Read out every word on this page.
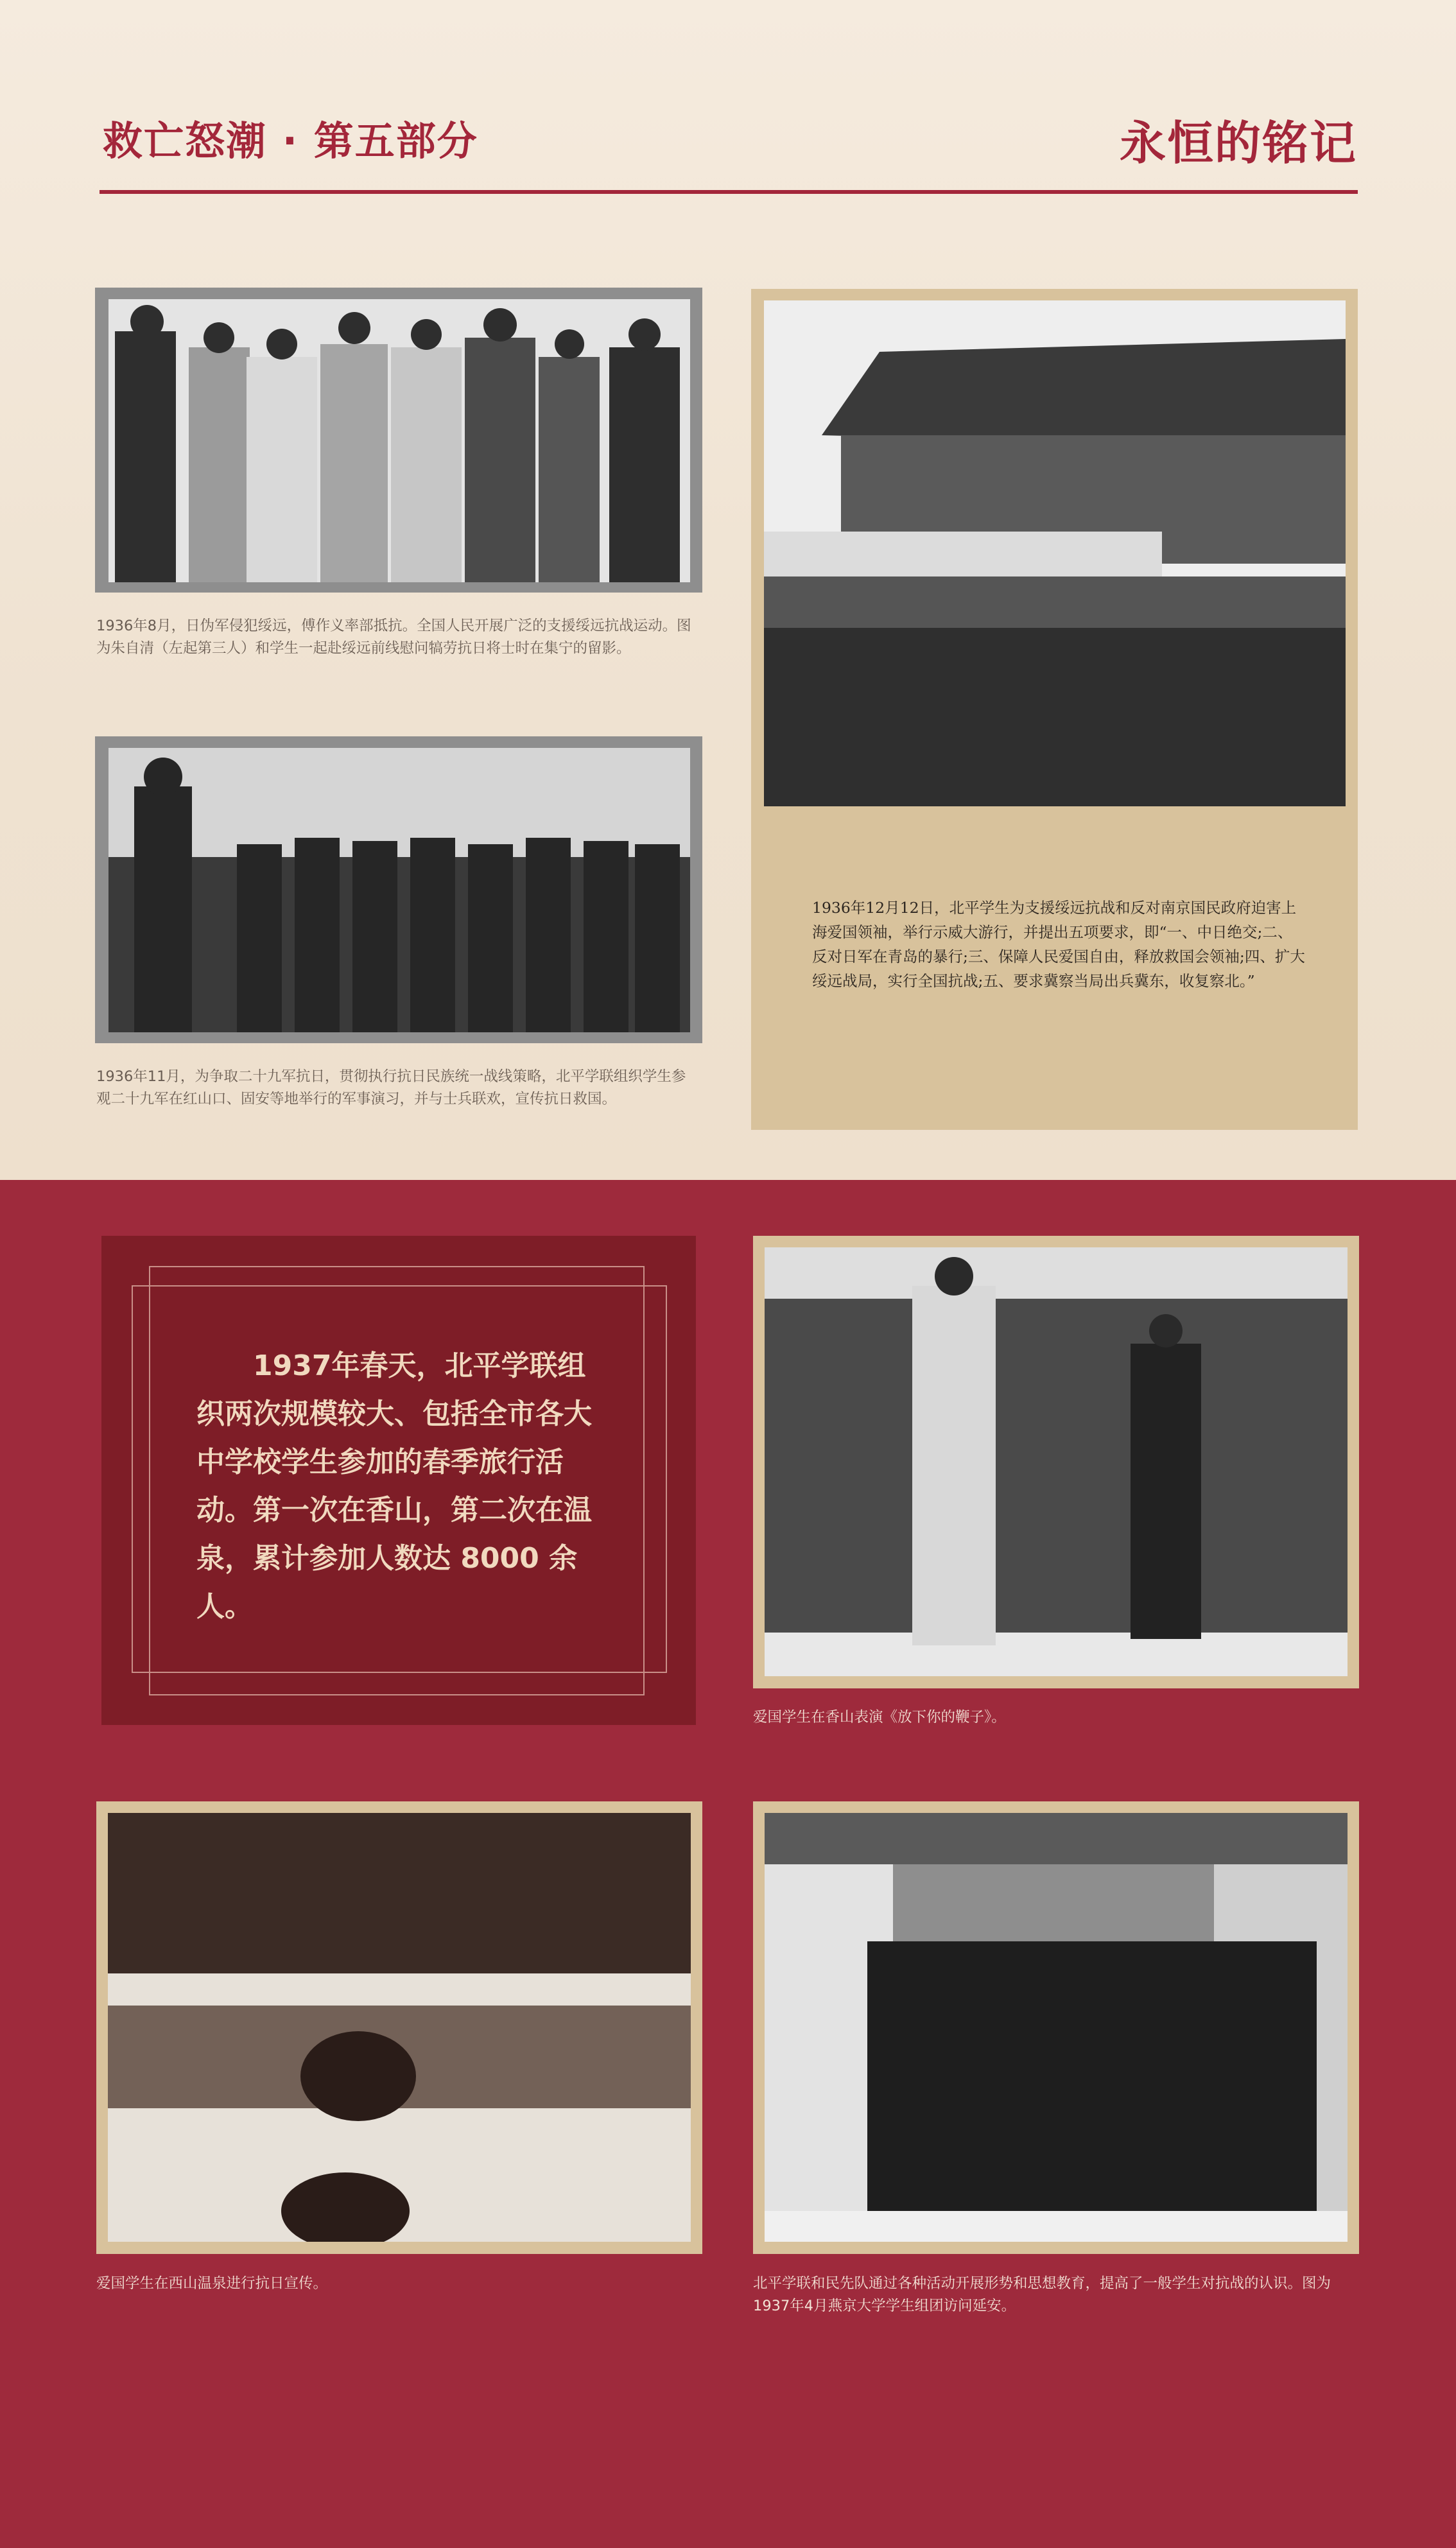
救亡怒潮 · 第五部分	永恒的铭记
1936年8月，日伪军侵犯绥远，傅作义率部抵抗。全国人民开展广泛的支援绥远抗战运动。图为朱自清（左起第三人）和学生一起赴绥远前线慰问犒劳抗日将士时在集宁的留影。
1936年11月，为争取二十九军抗日，贯彻执行抗日民族统一战线策略，北平学联组织学生参观二十九军在红山口、固安等地举行的军事演习，并与士兵联欢，宣传抗日救国。
1936年12月12日，北平学生为支援绥远抗战和反对南京国民政府迫害上海爱国领袖，举行示威大游行，并提出五项要求，即“一、中日绝交;二、反对日军在青岛的暴行;三、保障人民爱国自由，释放救国会领袖;四、扩大绥远战局，实行全国抗战;五、要求冀察当局出兵冀东，收复察北。”
1937年春天，北平学联组织两次规模较大、包括全市各大中学校学生参加的春季旅行活动。第一次在香山，第二次在温泉，累计参加人数达 8000 余人。
爱国学生在香山表演《放下你的鞭子》。
爱国学生在西山温泉进行抗日宣传。	北平学联和民先队通过各种活动开展形势和思想教育，提高了一般学生对抗战的认识。图为1937年4月燕京大学学生组团访问延安。
